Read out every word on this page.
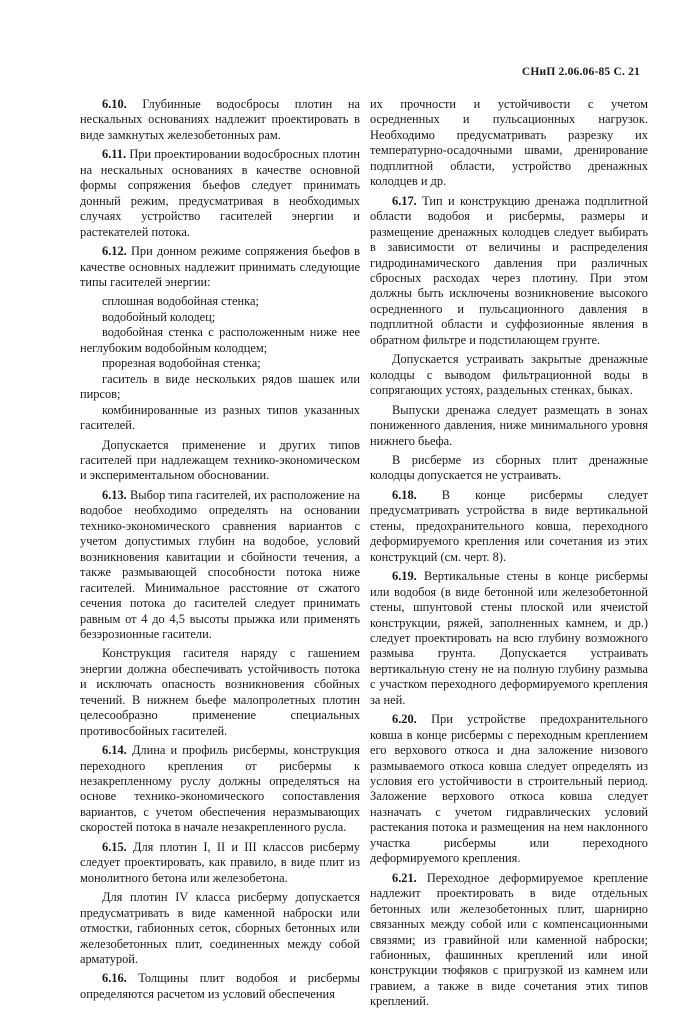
СНиП 2.06.06-85 С. 21

6.10. Глубинные водосбросы плотин на нескальных основаниях надлежит проектировать в виде замкнутых железобетонных рам.

6.11. При проектировании водосбросных плотин на нескальных основаниях в качестве основной формы сопряжения бьефов следует принимать донный режим, предусматривая в необходимых случаях устройство гасителей энергии и растекателей потока.

6.12. При донном режиме сопряжения бьефов в качестве основных надлежит принимать следующие типы гасителей энергии:

сплошная водобойная стенка;

водобойный колодец;

водобойная стенка с расположенным ниже нее неглубоким водобойным колодцем;

прорезная водобойная стенка;

гаситель в виде нескольких рядов шашек или пирсов;

комбинированные из разных типов указанных гасителей.

Допускается применение и других типов гасителей при надлежащем технико-экономическом и экспериментальном обосновании.

6.13. Выбор типа гасителей, их расположение на водобое необходимо определять на основании технико-экономического сравнения вариантов с учетом допустимых глубин на водобое, условий возникновения кавитации и сбойности течения, а также размывающей способности потока ниже гасителей. Минимальное расстояние от сжатого сечения потока до гасителей следует принимать равным от 4 до 4,5 высоты прыжка или применять безэрозионные гасители.

Конструкция гасителя наряду с гашением энергии должна обеспечивать устойчивость потока и исключать опасность возникновения сбойных течений. В нижнем бьефе малопролетных плотин целесообразно применение специальных противосбойных гасителей.

6.14. Длина и профиль рисбермы, конструкция переходного крепления от рисбермы к незакрепленному руслу должны определяться на основе технико-экономического сопоставления вариантов, с учетом обеспечения неразмывающих скоростей потока в начале незакрепленного русла.

6.15. Для плотин I, II и III классов рисберму следует проектировать, как правило, в виде плит из монолитного бетона или железобетона.

Для плотин IV класса рисберму допускается предусматривать в виде каменной наброски или отмостки, габионных сеток, сборных бетонных или железобетонных плит, соединенных между собой арматурой.

6.16. Толщины плит водобоя и рисбермы определяются расчетом из условий обеспечения

их прочности и устойчивости с учетом осредненных и пульсационных нагрузок. Необходимо предусматривать разрезку их температурно-осадочными швами, дренирование подплитной области, устройство дренажных колодцев и др.

6.17. Тип и конструкцию дренажа подплитной области водобоя и рисбермы, размеры и размещение дренажных колодцев следует выбирать в зависимости от величины и распределения гидродинамического давления при различных сбросных расходах через плотину. При этом должны быть исключены возникновение высокого осредненного и пульсационного давления в подплитной области и суффозионные явления в обратном фильтре и подстилающем грунте.

Допускается устраивать закрытые дренажные колодцы с выводом фильтрационной воды в сопрягающих устоях, раздельных стенках, быках.

Выпуски дренажа следует размещать в зонах пониженного давления, ниже минимального уровня нижнего бьефа.

В рисберме из сборных плит дренажные колодцы допускается не устраивать.

6.18. В конце рисбермы следует предусматривать устройства в виде вертикальной стены, предохранительного ковша, переходного деформируемого крепления или сочетания из этих конструкций (см. черт. 8).

6.19. Вертикальные стены в конце рисбермы или водобоя (в виде бетонной или железобетонной стены, шпунтовой стены плоской или ячеистой конструкции, ряжей, заполненных камнем, и др.) следует проектировать на всю глубину возможного размыва грунта. Допускается устраивать вертикальную стену не на полную глубину размыва с участком переходного деформируемого крепления за ней.

6.20. При устройстве предохранительного ковша в конце рисбермы с переходным креплением его верхового откоса и дна заложение низового размываемого откоса ковша следует определять из условия его устойчивости в строительный период. Заложение верхового откоса ковша следует назначать с учетом гидравлических условий растекания потока и размещения на нем наклонного участка рисбермы или переходного деформируемого крепления.

6.21. Переходное деформируемое крепление надлежит проектировать в виде отдельных бетонных или железобетонных плит, шарнирно связанных между собой или с компенсационными связями; из гравийной или каменной наброски; габионных, фашинных креплений или иной конструкции тюфяков с пригрузкой из камнем или гравием, а также в виде сочетания этих типов креплений.
